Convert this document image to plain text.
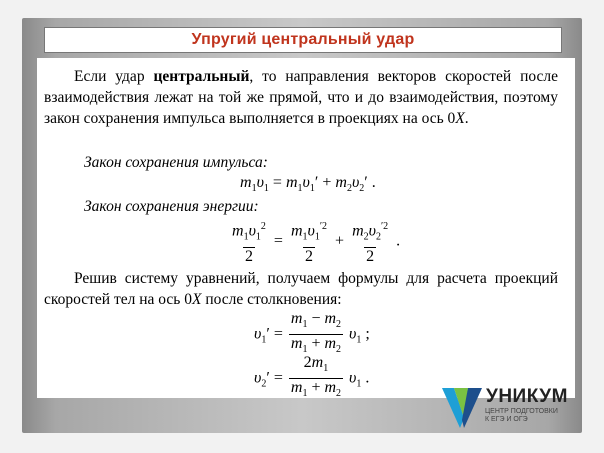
Упругий центральный удар
Если удар центральный, то направления векторов скоростей после взаимодействия лежат на той же прямой, что и до взаимодействия, поэтому закон сохранения импульса выполняется в проекциях на ось 0X.
Закон сохранения импульса:
$m_1\upsilon_1 = m_1\upsilon_1' + m_2\upsilon_2'$ .
Закон сохранения энергии:
$\frac{m_1\upsilon_1^2}{2} = \frac{m_1\upsilon_1^{'2}}{2} + \frac{m_2\upsilon_2^{'2}}{2}$ .
Решив систему уравнений, получаем формулы для расчета проекций скоростей тел на ось 0X после столкновения:
$\upsilon_1' = \frac{m_1 - m_2}{m_1 + m_2} \upsilon_1$ ;
$\upsilon_2' = \frac{2m_1}{m_1 + m_2} \upsilon_1$ .
УНИКУМ
ЦЕНТР ПОДГОТОВКИ
К ЕГЭ И ОГЭ
